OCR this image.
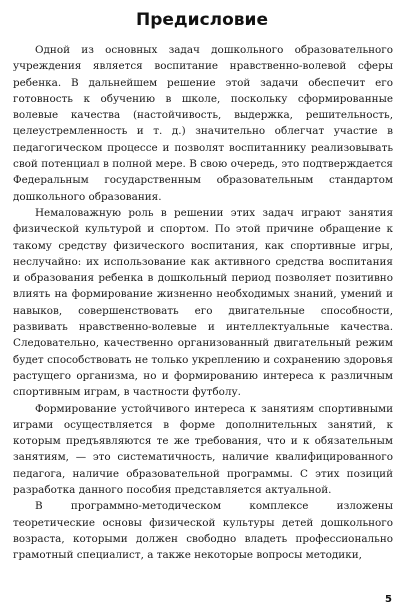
Предисловие

Одной из основных задач дошкольного образовательного учреждения является воспитание нравственно-волевой сферы ребенка. В дальнейшем решение этой задачи обеспечит его готовность к обучению в школе, поскольку сформированные волевые качества (настойчивость, выдержка, решительность, целеустремленность и т. д.) значительно облегчат участие в педагогическом процессе и позволят воспитаннику реализовывать свой потенциал в полной мере. В свою очередь, это подтверждается Федеральным государственным образовательным стандартом дошкольного образования.

Немаловажную роль в решении этих задач играют занятия физической культурой и спортом. По этой причине обращение к такому средству физического воспитания, как спортивные игры, неслучайно: их использование как активного средства воспитания и образования ребенка в дошкольный период позволяет позитивно влиять на формирование жизненно необходимых знаний, умений и навыков, совершенствовать его двигательные способности, развивать нравственно-волевые и интеллектуальные качества. Следовательно, качественно организованный двигательный режим будет способствовать не только укреплению и сохранению здоровья растущего организма, но и формированию интереса к различным спортивным играм, в частности футболу.

Формирование устойчивого интереса к занятиям спортивными играми осуществляется в форме дополнительных занятий, к которым предъявляются те же требования, что и к обязательным занятиям, — это систематичность, наличие квалифицированного педагога, наличие образовательной программы. С этих позиций разработка данного пособия представляется актуальной.

В программно-методическом комплексе изложены теоретические основы физической культуры детей дошкольного возраста, которыми должен свободно владеть профессионально грамотный специалист, а также некоторые вопросы методики,

5
